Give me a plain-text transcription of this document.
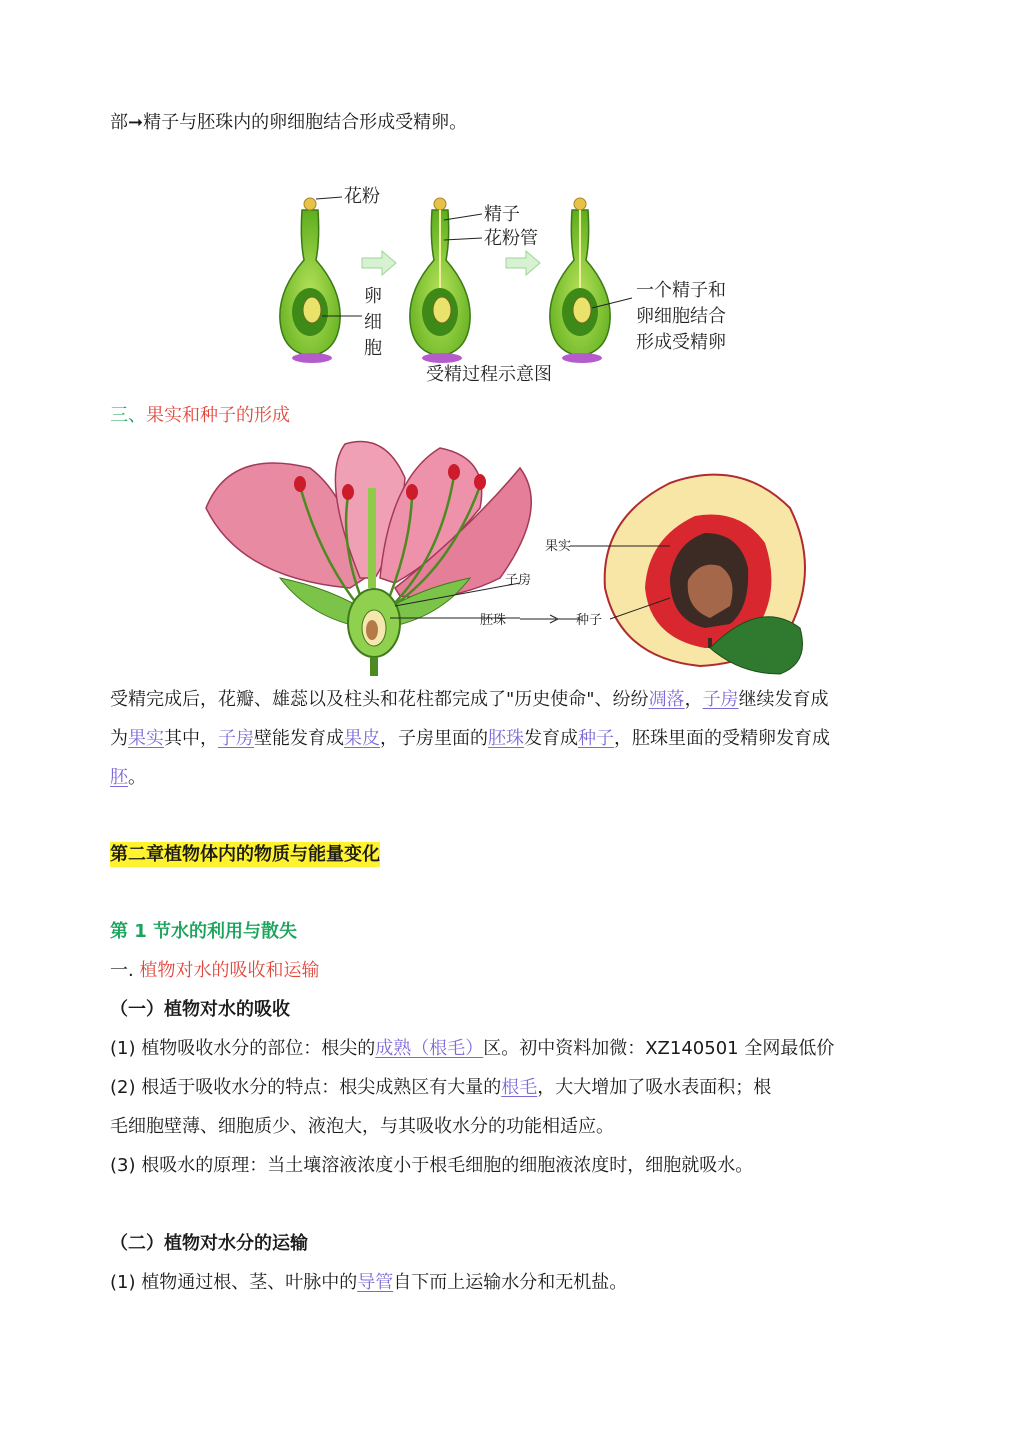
部➞精子与胚珠内的卵细胞结合形成受精卵。
花粉
卵
细
胞
精子
花粉管
一个精子和
卵细胞结合
形成受精卵
受精过程示意图
三、果实和种子的形成
果实
子房
胚珠	种子
受精完成后，花瓣、雄蕊以及柱头和花柱都完成了"历史使命"、纷纷凋落，子房继续发育成
为果实其中，子房壁能发育成果皮，子房里面的胚珠发育成种子，胚珠里面的受精卵发育成
胚。
第二章植物体内的物质与能量变化
第 1 节水的利用与散失
一. 植物对水的吸收和运输
（一）植物对水的吸收
(1) 植物吸收水分的部位：根尖的成熟（根毛）区。初中资料加微：XZ140501 全网最低价
(2) 根适于吸收水分的特点：根尖成熟区有大量的根毛，大大增加了吸水表面积；根
毛细胞壁薄、细胞质少、液泡大，与其吸收水分的功能相适应。
(3) 根吸水的原理：当土壤溶液浓度小于根毛细胞的细胞液浓度时，细胞就吸水。
（二）植物对水分的运输
(1) 植物通过根、茎、叶脉中的导管自下而上运输水分和无机盐。
